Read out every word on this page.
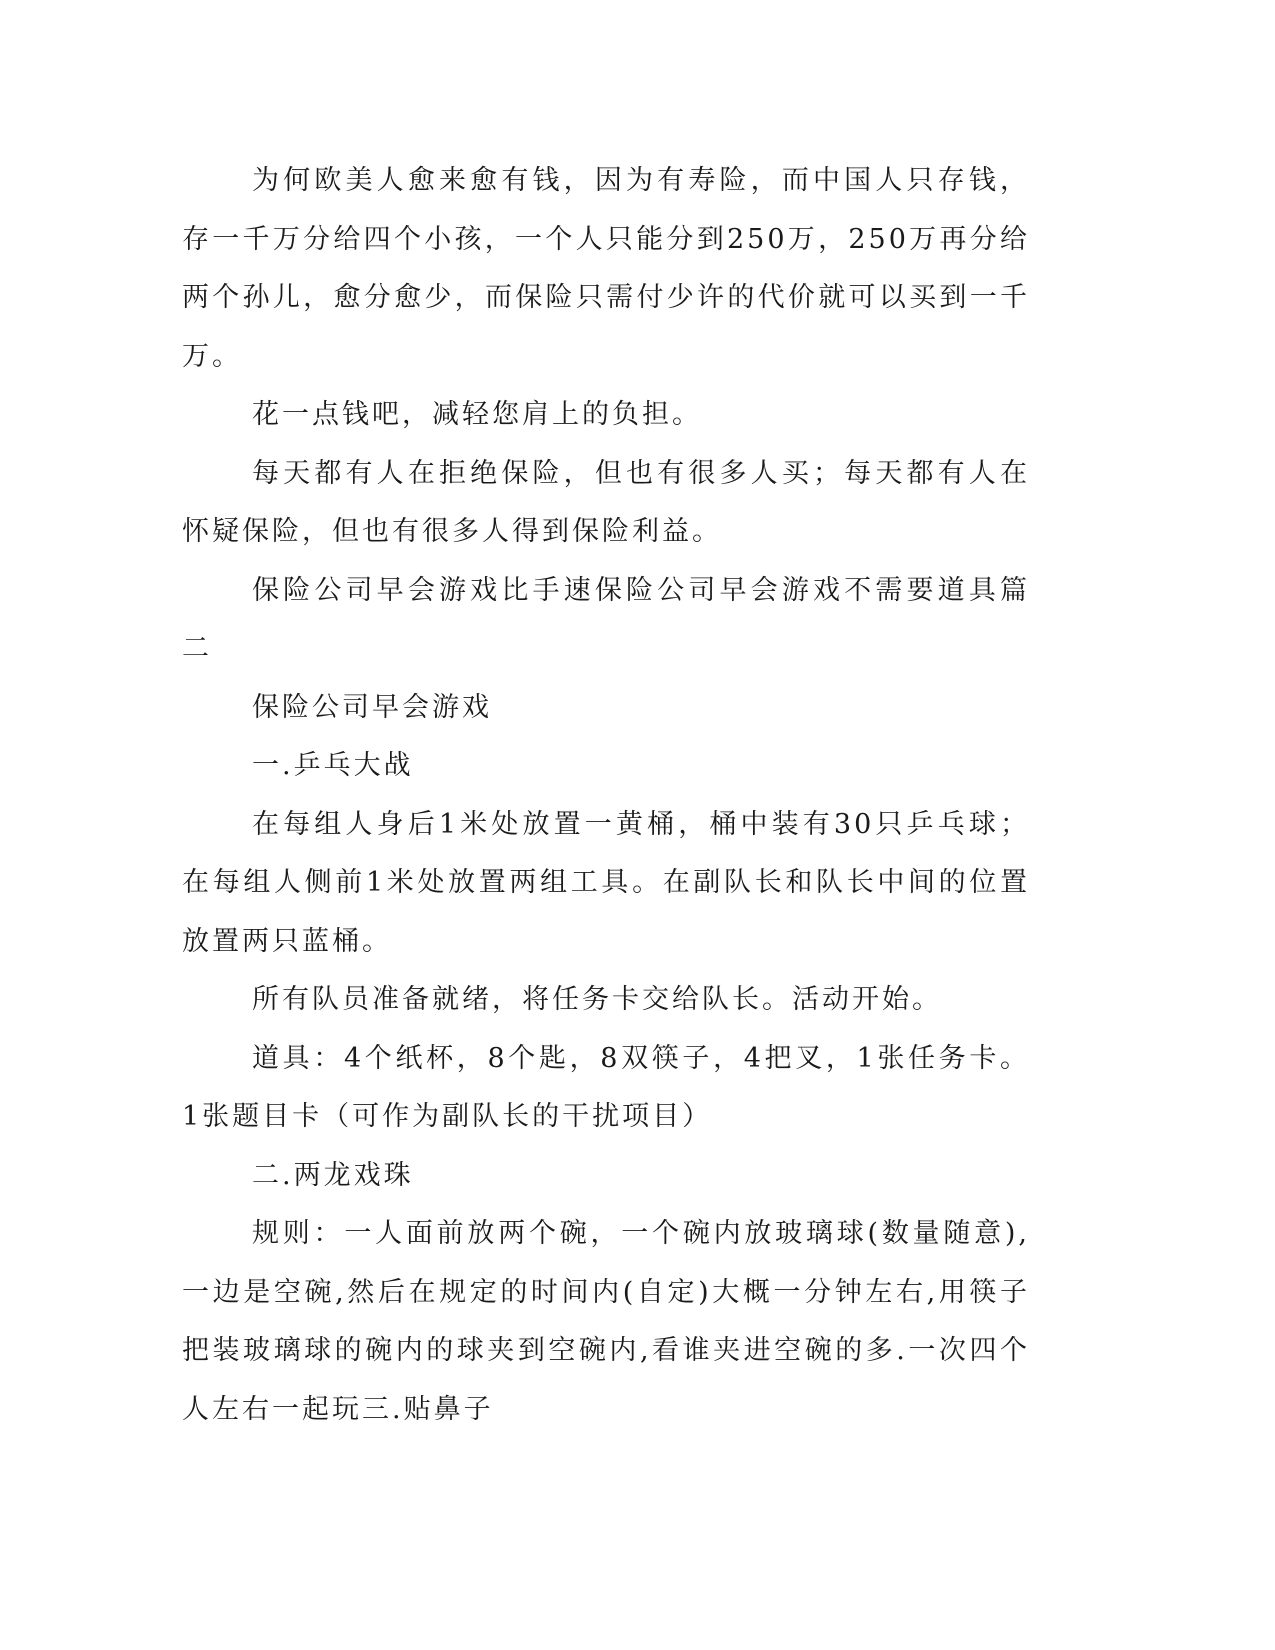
为何欧美人愈来愈有钱，因为有寿险，而中国人只存钱，存一千万分给四个小孩，一个人只能分到250万，250万再分给两个孙儿，愈分愈少，而保险只需付少许的代价就可以买到一千万。

花一点钱吧，减轻您肩上的负担。

每天都有人在拒绝保险，但也有很多人买；每天都有人在怀疑保险，但也有很多人得到保险利益。

保险公司早会游戏比手速保险公司早会游戏不需要道具篇二

保险公司早会游戏

一.乒乓大战

在每组人身后1米处放置一黄桶，桶中装有30只乒乓球；在每组人侧前1米处放置两组工具。在副队长和队长中间的位置放置两只蓝桶。

所有队员准备就绪，将任务卡交给队长。活动开始。

道具：4个纸杯，8个匙，8双筷子，4把叉，1张任务卡。1张题目卡（可作为副队长的干扰项目）

二.两龙戏珠

规则：一人面前放两个碗，一个碗内放玻璃球(数量随意),一边是空碗,然后在规定的时间内(自定)大概一分钟左右,用筷子把装玻璃球的碗内的球夹到空碗内,看谁夹进空碗的多.一次四个人左右一起玩三.贴鼻子
